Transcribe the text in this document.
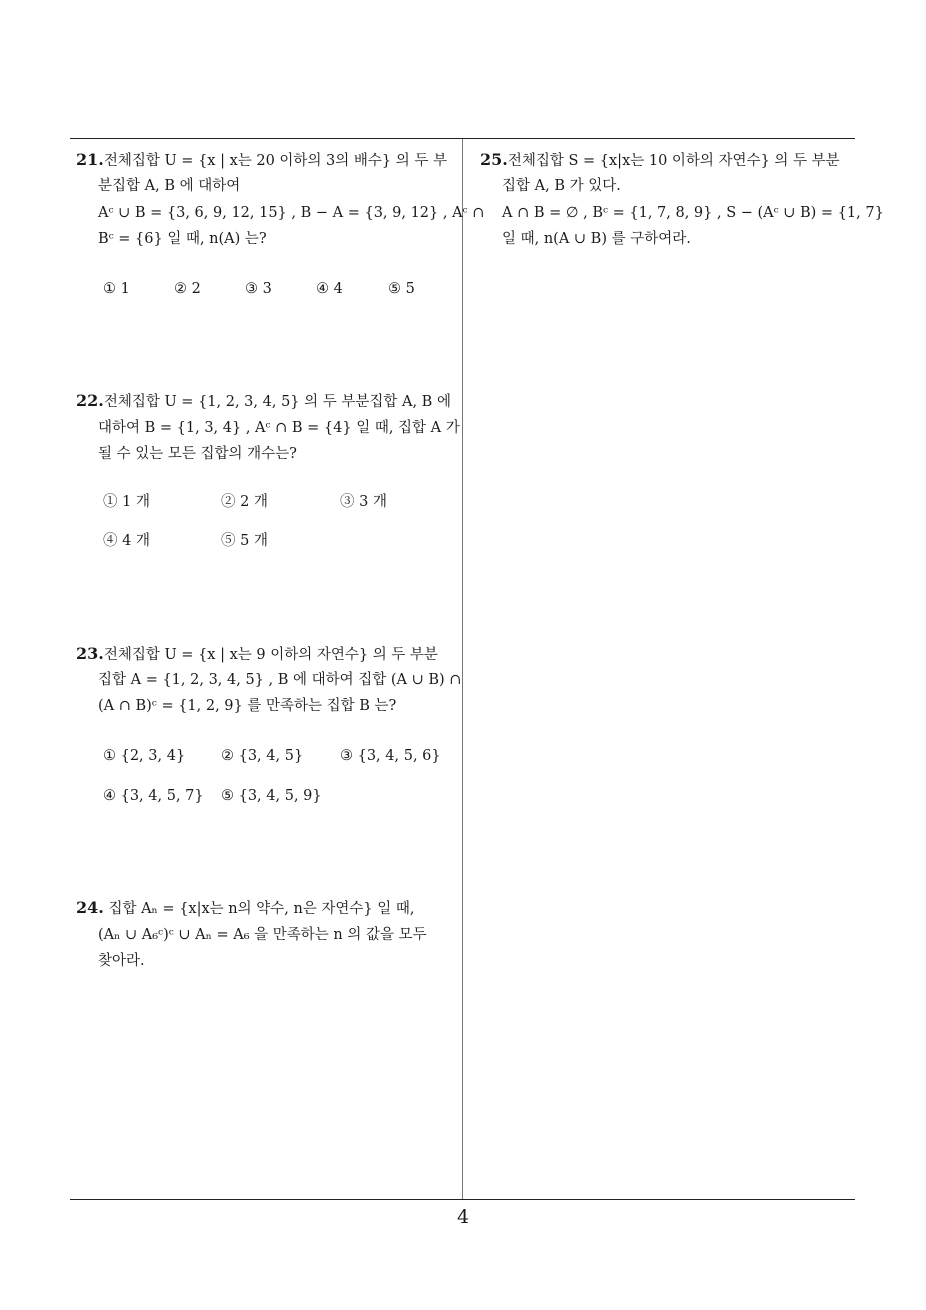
21.전체집합 U = {x | x는 20 이하의 3의 배수} 의 두 부
분집합 A, B 에 대하여
Aᶜ ∪ B = {3, 6, 9, 12, 15} , B − A = {3, 9, 12} , Aᶜ ∩
Bᶜ = {6} 일 때, n(A) 는?
① 1	② 2	③ 3	④ 4	⑤ 5
22.전체집합 U = {1, 2, 3, 4, 5} 의 두 부분집합 A, B 에
대하여 B = {1, 3, 4} , Aᶜ ∩ B = {4} 일 때, 집합 A 가
될 수 있는 모든 집합의 개수는?
① 1 개	② 2 개	③ 3 개
④ 4 개	⑤ 5 개
23.전체집합 U = {x | x는 9 이하의 자연수} 의 두 부분
집합 A = {1, 2, 3, 4, 5} , B 에 대하여 집합 (A ∪ B) ∩
(A ∩ B)ᶜ = {1, 2, 9} 를 만족하는 집합 B 는?
① {2, 3, 4} ② {3, 4, 5}	③ {3, 4, 5, 6}
④ {3, 4, 5, 7} ⑤ {3, 4, 5, 9}
24. 집합 Aₙ = {x|x는 n의 약수, n은 자연수} 일 때,
(Aₙ ∪ A₆ᶜ)ᶜ ∪ Aₙ = A₆ 을 만족하는 n 의 값을 모두
찾아라.
25.전체집합 S = {x|x는 10 이하의 자연수} 의 두 부분
집합 A, B 가 있다.
A ∩ B = ∅ , Bᶜ = {1, 7, 8, 9} , S − (Aᶜ ∪ B) = {1, 7}
일 때, n(A ∪ B) 를 구하여라.
4
